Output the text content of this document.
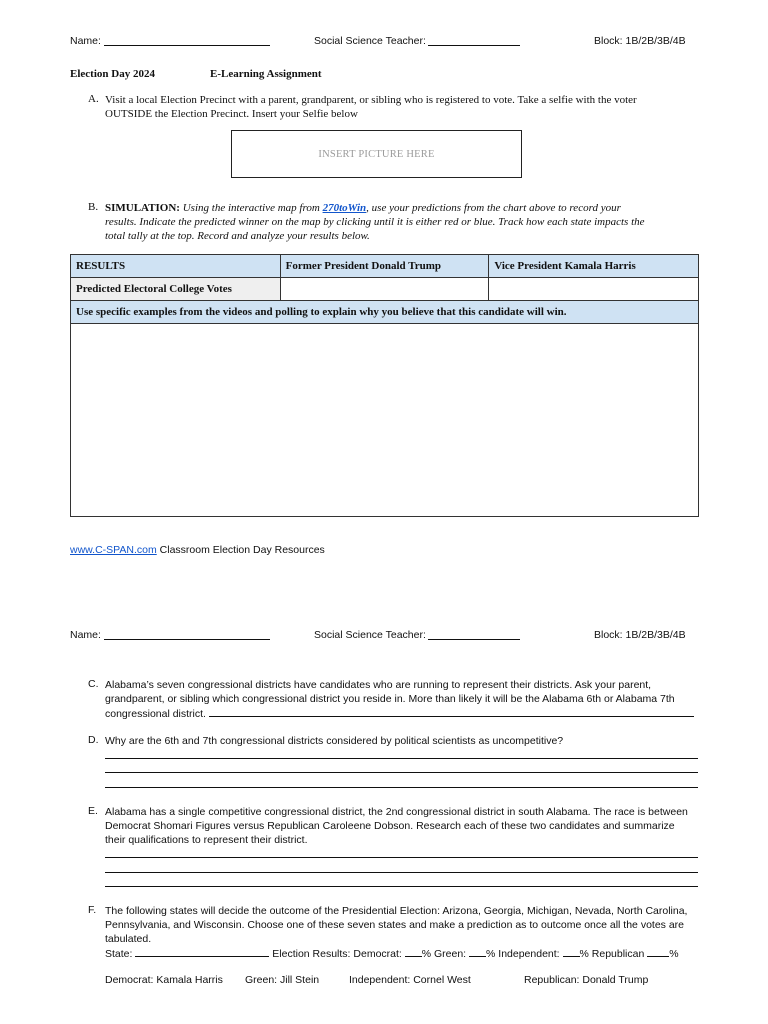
Name:	Social Science Teacher:	Block: 1B/2B/3B/4B
Election Day 2024	E-Learning Assignment
A. Visit a local Election Precinct with a parent, grandparent, or sibling who is registered to vote. Take a selfie with the voter
OUTSIDE the Election Precinct. Insert your Selfie below
INSERT PICTURE HERE
B. SIMULATION: Using the interactive map from 270toWin, use your predictions from the chart above to record your
results. Indicate the predicted winner on the map by clicking until it is either red or blue. Track how each state impacts the
total tally at the top. Record and analyze your results below.
RESULTS	Former President Donald Trump	Vice President Kamala Harris
Predicted Electoral College Votes		
Use specific examples from the videos and polling to explain why you believe that this candidate will win.		

www.C-SPAN.com Classroom Election Day Resources
Name:	Social Science Teacher:	Block: 1B/2B/3B/4B
C. Alabama’s seven congressional districts have candidates who are running to represent their districts. Ask your parent,
grandparent, or sibling which congressional district you reside in. More than likely it will be the Alabama 6th or Alabama 7th
congressional district.
D. Why are the 6th and 7th congressional districts considered by political scientists as uncompetitive?
E. Alabama has a single competitive congressional district, the 2nd congressional district in south Alabama. The race is between
Democrat Shomari Figures versus Republican Caroleene Dobson. Research each of these two candidates and summarize
their qualifications to represent their district.
F. The following states will decide the outcome of the Presidential Election: Arizona, Georgia, Michigan, Nevada, North Carolina,
Pennsylvania, and Wisconsin. Choose one of these seven states and make a prediction as to outcome once all the votes are
tabulated.
State:	Election Results: Democrat: % Green: % Independent: % Republican %
Democrat: Kamala Harris Green: Jill Stein	Independent: Cornel West	Republican: Donald Trump
